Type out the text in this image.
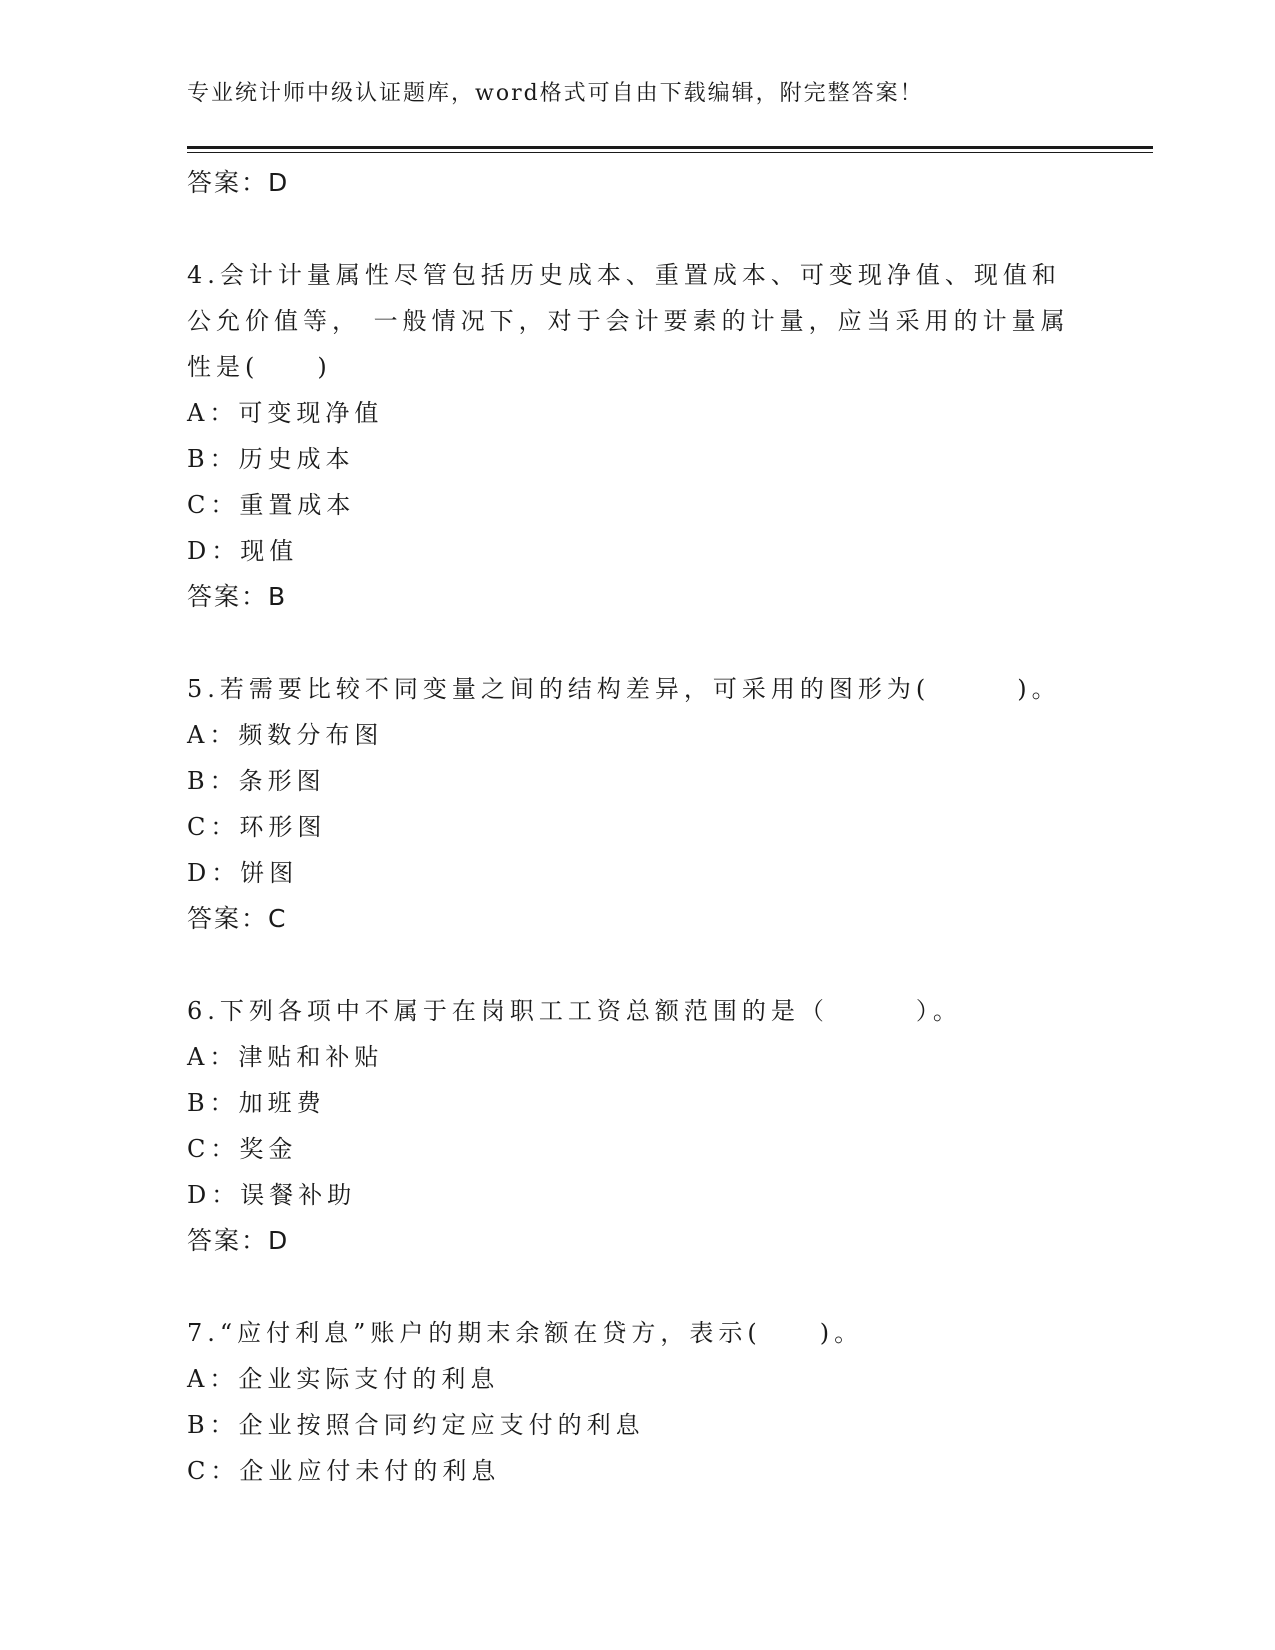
专业统计师中级认证题库，word格式可自由下载编辑，附完整答案！
答案：D
4.会计计量属性尽管包括历史成本、重置成本、可变现净值、现值和
公允价值等， 一般情况下，对于会计要素的计量，应当采用的计量属
性是(　　)
A：可变现净值
B：历史成本
C：重置成本
D：现值
答案：B
5.若需要比较不同变量之间的结构差异，可采用的图形为(　　　)。
A：频数分布图
B：条形图
C：环形图
D：饼图
答案：C
6.下列各项中不属于在岗职工工资总额范围的是（　　　）。
A：津贴和补贴
B：加班费
C：奖金
D：误餐补助
答案：D
7.“应付利息”账户的期末余额在贷方，表示(　　)。
A：企业实际支付的利息
B：企业按照合同约定应支付的利息
C：企业应付未付的利息
